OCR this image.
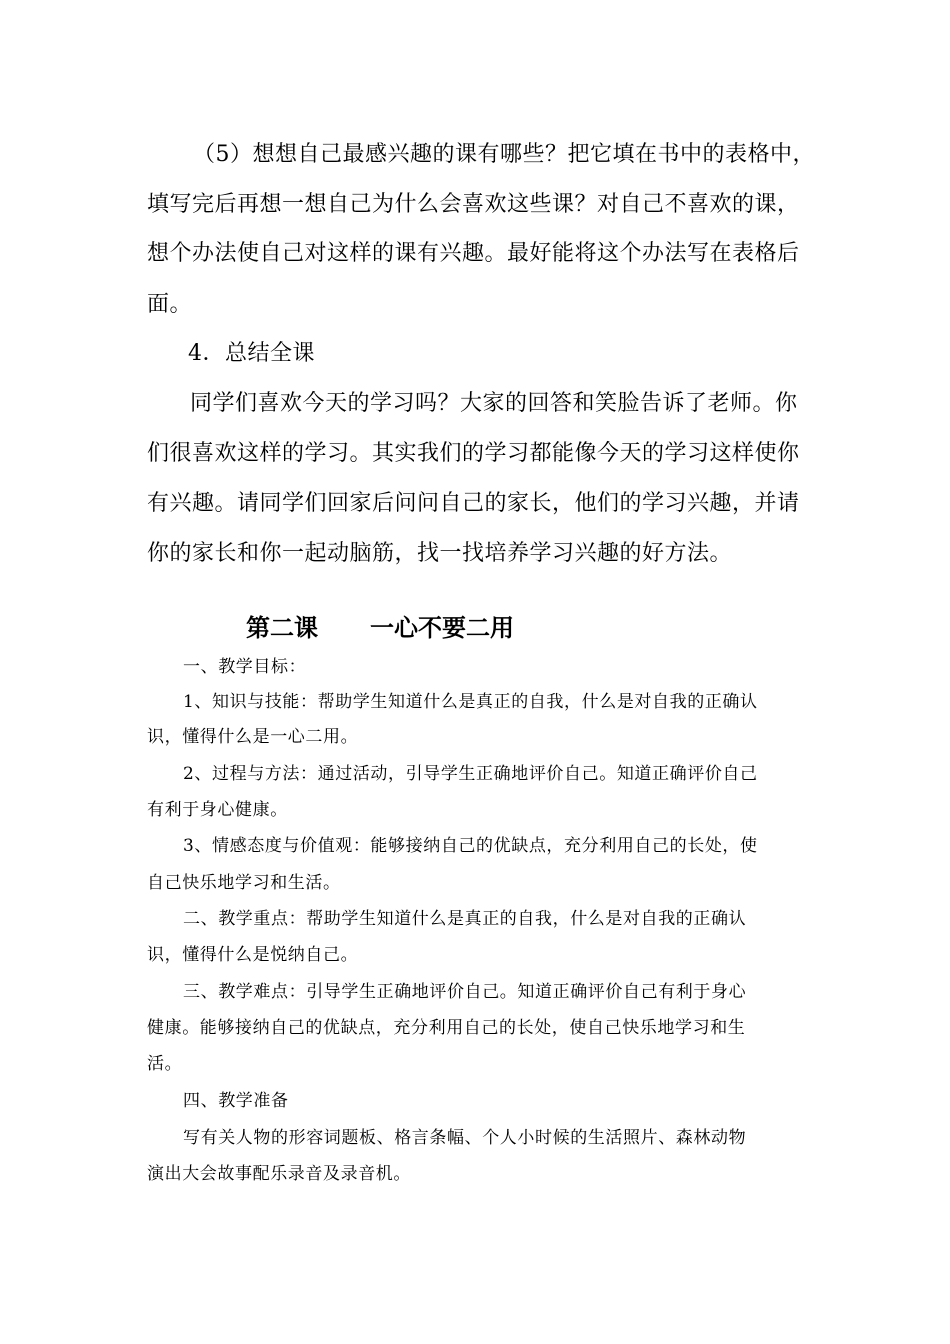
（5）想想自己最感兴趣的课有哪些？把它填在书中的表格中，
填写完后再想一想自己为什么会喜欢这些课？对自己不喜欢的课，
想个办法使自己对这样的课有兴趣。最好能将这个办法写在表格后
面。
4．总结全课
同学们喜欢今天的学习吗？大家的回答和笑脸告诉了老师。你
们很喜欢这样的学习。其实我们的学习都能像今天的学习这样使你
有兴趣。请同学们回家后问问自己的家长，他们的学习兴趣，并请
你的家长和你一起动脑筋，找一找培养学习兴趣的好方法。
第二课 一心不要二用
一、教学目标：
1、知识与技能：帮助学生知道什么是真正的自我，什么是对自我的正确认
识，懂得什么是一心二用。
2、过程与方法：通过活动，引导学生正确地评价自己。知道正确评价自己
有利于身心健康。
3、情感态度与价值观：能够接纳自己的优缺点，充分利用自己的长处，使
自己快乐地学习和生活。
二、教学重点：帮助学生知道什么是真正的自我，什么是对自我的正确认
识，懂得什么是悦纳自己。
三、教学难点：引导学生正确地评价自己。知道正确评价自己有利于身心
健康。能够接纳自己的优缺点，充分利用自己的长处，使自己快乐地学习和生
活。
四、教学准备
写有关人物的形容词题板、格言条幅、个人小时候的生活照片、森林动物
演出大会故事配乐录音及录音机。
